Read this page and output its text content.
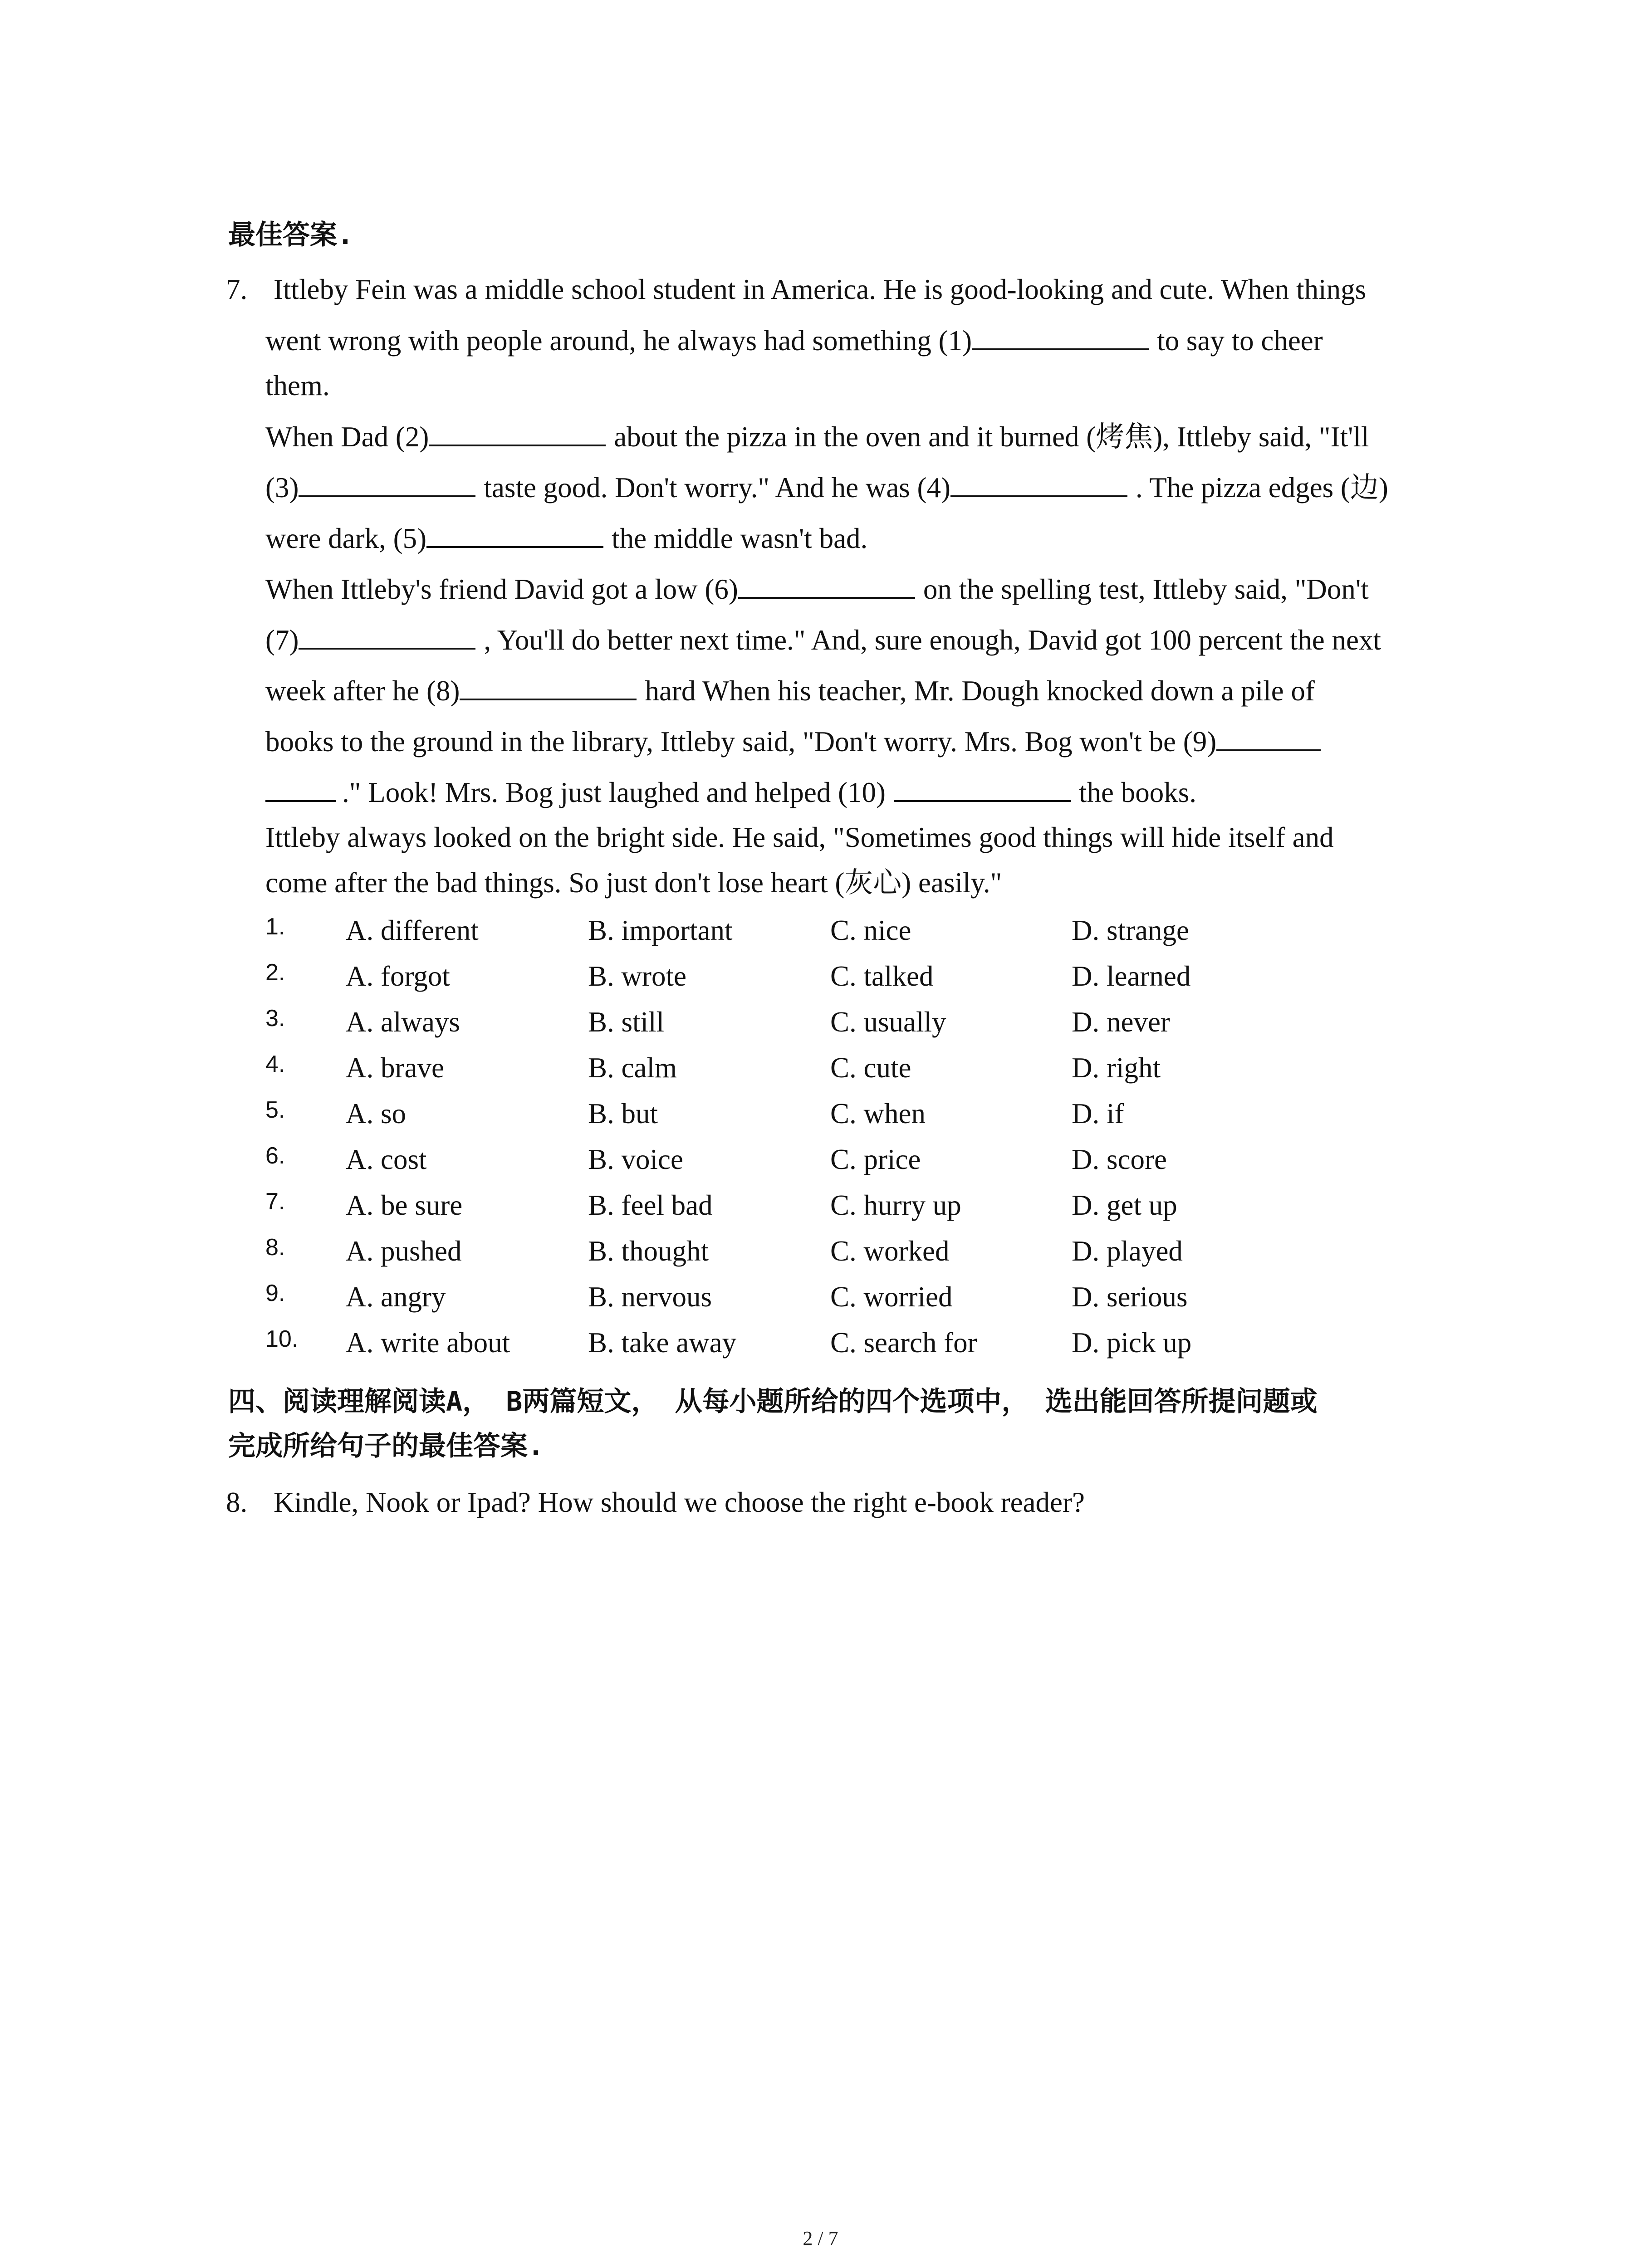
最佳答案.
7. Ittleby Fein was a middle school student in America. He is good-looking and cute. When things
went wrong with people around, he always had something (1)	to say to cheer
them.
When Dad (2)	about the pizza in the oven and it burned (烤焦), Ittleby said, "It'll
(3)	taste good. Don't worry." And he was (4)	. The pizza edges (边)
were dark, (5)	the middle wasn't bad.
When Ittleby's friend David got a low (6)	on the spelling test, Ittleby said, "Don't
(7)	, You'll do better next time." And, sure enough, David got 100 percent the next
week after he (8)	hard When his teacher, Mr. Dough knocked down a pile of
books to the ground in the library, Ittleby said, "Don't worry. Mrs. Bog won't be (9)
." Look! Mrs. Bog just laughed and helped (10)	the books.
Ittleby always looked on the bright side. He said, "Sometimes good things will hide itself and
come after the bad things. So just don't lose heart (灰心) easily."
1. A. different	B. important	C. nice	D. strange
2. A. forgot	B. wrote	C. talked	D. learned
3. A. always	B. still	C. usually	D. never
4. A. brave	B. calm	C. cute	D. right
5. A. so	B. but	C. when	D. if
6. A. cost	B. voice	C. price	D. score
7. A. be sure	B. feel bad	C. hurry up	D. get up
8. A. pushed	B. thought	C. worked	D. played
9. A. angry	B. nervous	C. worried	D. serious
10. A. write about	B. take away	C. search for	D. pick up
四、阅读理解阅读A， B两篇短文， 从每小题所给的四个选项中， 选出能回答所提问题或
完成所给句子的最佳答案.
8. Kindle, Nook or Ipad? How should we choose the right e-book reader?
2 / 7
